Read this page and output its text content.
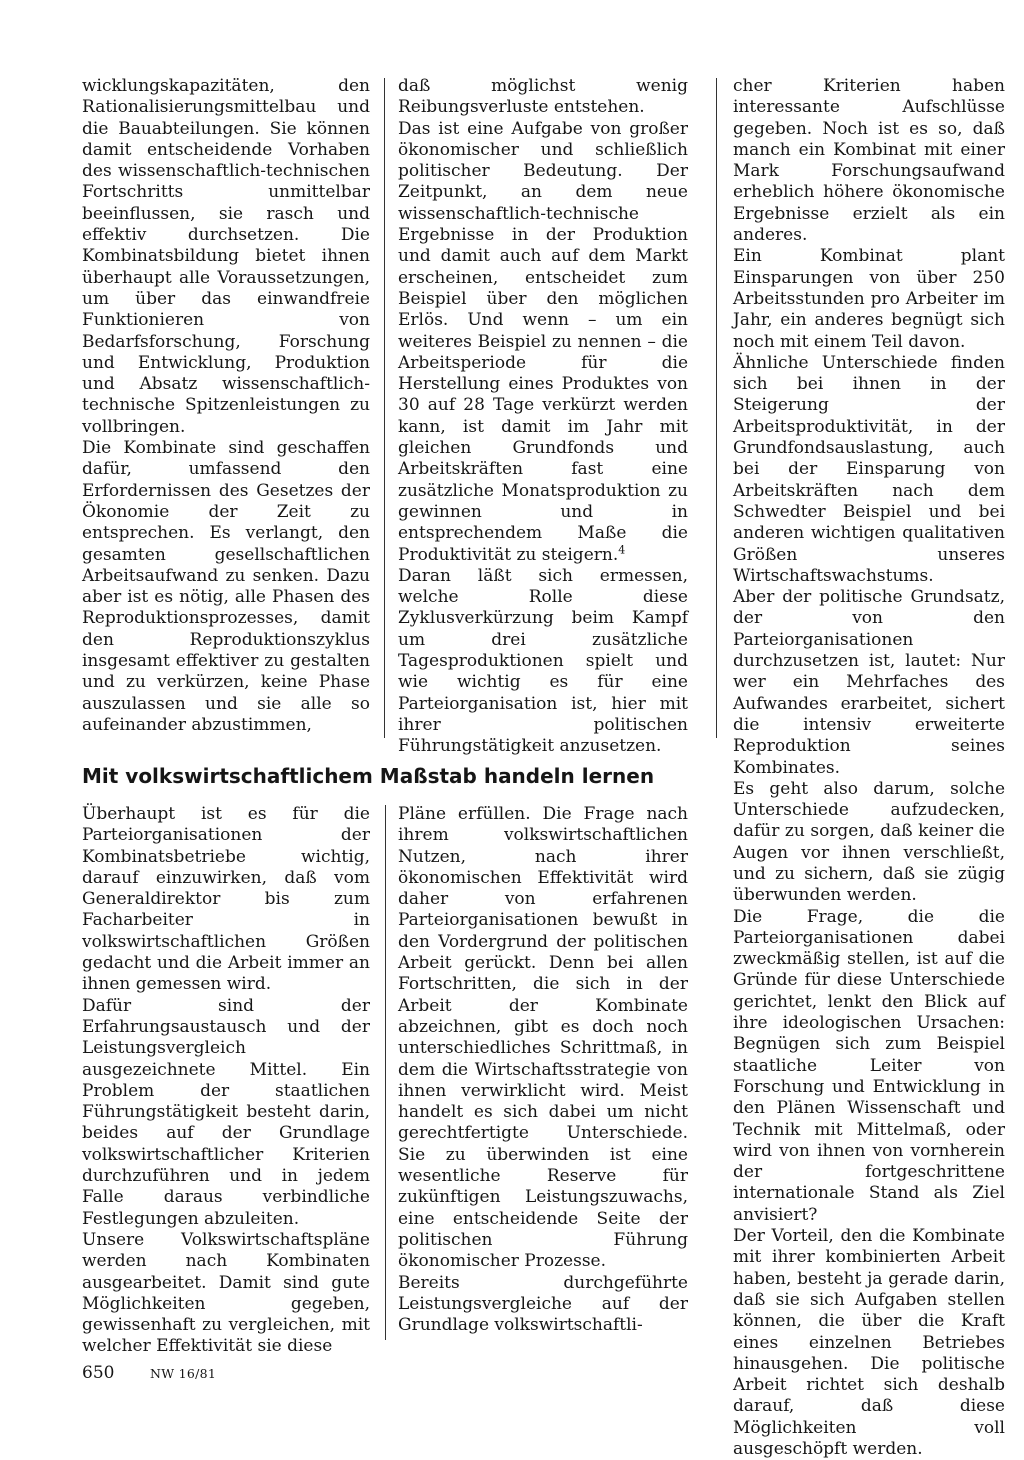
wicklungskapazitäten, den Rationalisierungsmittelbau und die Bauabteilungen. Sie können damit entscheidende Vorhaben des wissenschaftlich-technischen Fortschritts unmittelbar beeinflussen, sie rasch und effektiv durchsetzen. Die Kombinatsbildung bietet ihnen überhaupt alle Voraussetzungen, um über das einwandfreie Funktionieren von Bedarfsforschung, Forschung und Entwicklung, Produktion und Absatz wissenschaftlich-technische Spitzenleistungen zu vollbringen.

Die Kombinate sind geschaffen dafür, umfassend den Erfordernissen des Gesetzes der Ökonomie der Zeit zu entsprechen. Es verlangt, den gesamten gesellschaftlichen Arbeitsaufwand zu senken. Dazu aber ist es nötig, alle Phasen des Reproduktionsprozesses, damit den Reproduktionszyklus insgesamt effektiver zu gestalten und zu verkürzen, keine Phase auszulassen und sie alle so aufeinander abzustimmen,

daß möglichst wenig Reibungsverluste entstehen.

Das ist eine Aufgabe von großer ökonomischer und schließlich politischer Bedeutung. Der Zeitpunkt, an dem neue wissenschaftlich-technische Ergebnisse in der Produktion und damit auch auf dem Markt erscheinen, entscheidet zum Beispiel über den möglichen Erlös. Und wenn – um ein weiteres Beispiel zu nennen – die Arbeitsperiode für die Herstellung eines Produktes von 30 auf 28 Tage verkürzt werden kann, ist damit im Jahr mit gleichen Grundfonds und Arbeitskräften fast eine zusätzliche Monatsproduktion zu gewinnen und in entsprechendem Maße die Produktivität zu steigern.$^4$

Daran läßt sich ermessen, welche Rolle diese Zyklusverkürzung beim Kampf um drei zusätzliche Tagesproduktionen spielt und wie wichtig es für eine Parteiorganisation ist, hier mit ihrer politischen Führungstätigkeit anzusetzen.

cher Kriterien haben interessante Aufschlüsse gegeben. Noch ist es so, daß manch ein Kombinat mit einer Mark Forschungsaufwand erheblich höhere ökonomische Ergebnisse erzielt als ein anderes.

Ein Kombinat plant Einsparungen von über 250 Arbeitsstunden pro Arbeiter im Jahr, ein anderes begnügt sich noch mit einem Teil davon.

Ähnliche Unterschiede finden sich bei ihnen in der Steigerung der Arbeitsproduktivität, in der Grundfondsauslastung, auch bei der Einsparung von Arbeitskräften nach dem Schwedter Beispiel und bei anderen wichtigen qualitativen Größen unseres Wirtschaftswachstums.

Aber der politische Grundsatz, der von den Parteiorganisationen durchzusetzen ist, lautet: Nur wer ein Mehrfaches des Aufwandes erarbeitet, sichert die intensiv erweiterte Reproduktion seines Kombinates.

Es geht also darum, solche Unterschiede aufzudecken, dafür zu sorgen, daß keiner die Augen vor ihnen verschließt, und zu sichern, daß sie zügig überwunden werden.

Die Frage, die die Parteiorganisationen dabei zweckmäßig stellen, ist auf die Gründe für diese Unterschiede gerichtet, lenkt den Blick auf ihre ideologischen Ursachen: Begnügen sich zum Beispiel staatliche Leiter von Forschung und Entwicklung in den Plänen Wissenschaft und Technik mit Mittelmaß, oder wird von ihnen von vornherein der fortgeschrittene internationale Stand als Ziel anvisiert?

Der Vorteil, den die Kombinate mit ihrer kombinierten Arbeit haben, besteht ja gerade darin, daß sie sich Aufgaben stellen können, die über die Kraft eines einzelnen Betriebes hinausgehen. Die politische Arbeit richtet sich deshalb darauf, daß diese Möglichkeiten voll ausgeschöpft werden.

Mit volkswirtschaftlichem Maßstab handeln lernen

Überhaupt ist es für die Parteiorganisationen der Kombinatsbetriebe wichtig, darauf einzuwirken, daß vom Generaldirektor bis zum Facharbeiter in volkswirtschaftlichen Größen gedacht und die Arbeit immer an ihnen gemessen wird.

Dafür sind der Erfahrungsaustausch und der Leistungsvergleich ausgezeichnete Mittel. Ein Problem der staatlichen Führungstätigkeit besteht darin, beides auf der Grundlage volkswirtschaftlicher Kriterien durchzuführen und in jedem Falle daraus verbindliche Festlegungen abzuleiten.

Unsere Volkswirtschaftspläne werden nach Kombinaten ausgearbeitet. Damit sind gute Möglichkeiten gegeben, gewissenhaft zu vergleichen, mit welcher Effektivität sie diese

Pläne erfüllen. Die Frage nach ihrem volkswirtschaftlichen Nutzen, nach ihrer ökonomischen Effektivität wird daher von erfahrenen Parteiorganisationen bewußt in den Vordergrund der politischen Arbeit gerückt. Denn bei allen Fortschritten, die sich in der Arbeit der Kombinate abzeichnen, gibt es doch noch unterschiedliches Schrittmaß, in dem die Wirtschaftsstrategie von ihnen verwirklicht wird. Meist handelt es sich dabei um nicht gerechtfertigte Unterschiede. Sie zu überwinden ist eine wesentliche Reserve für zukünftigen Leistungszuwachs, eine entscheidende Seite der politischen Führung ökonomischer Prozesse.

Bereits durchgeführte Leistungsvergleiche auf der Grundlage volkswirtschaftli-

650	NW 16/81
